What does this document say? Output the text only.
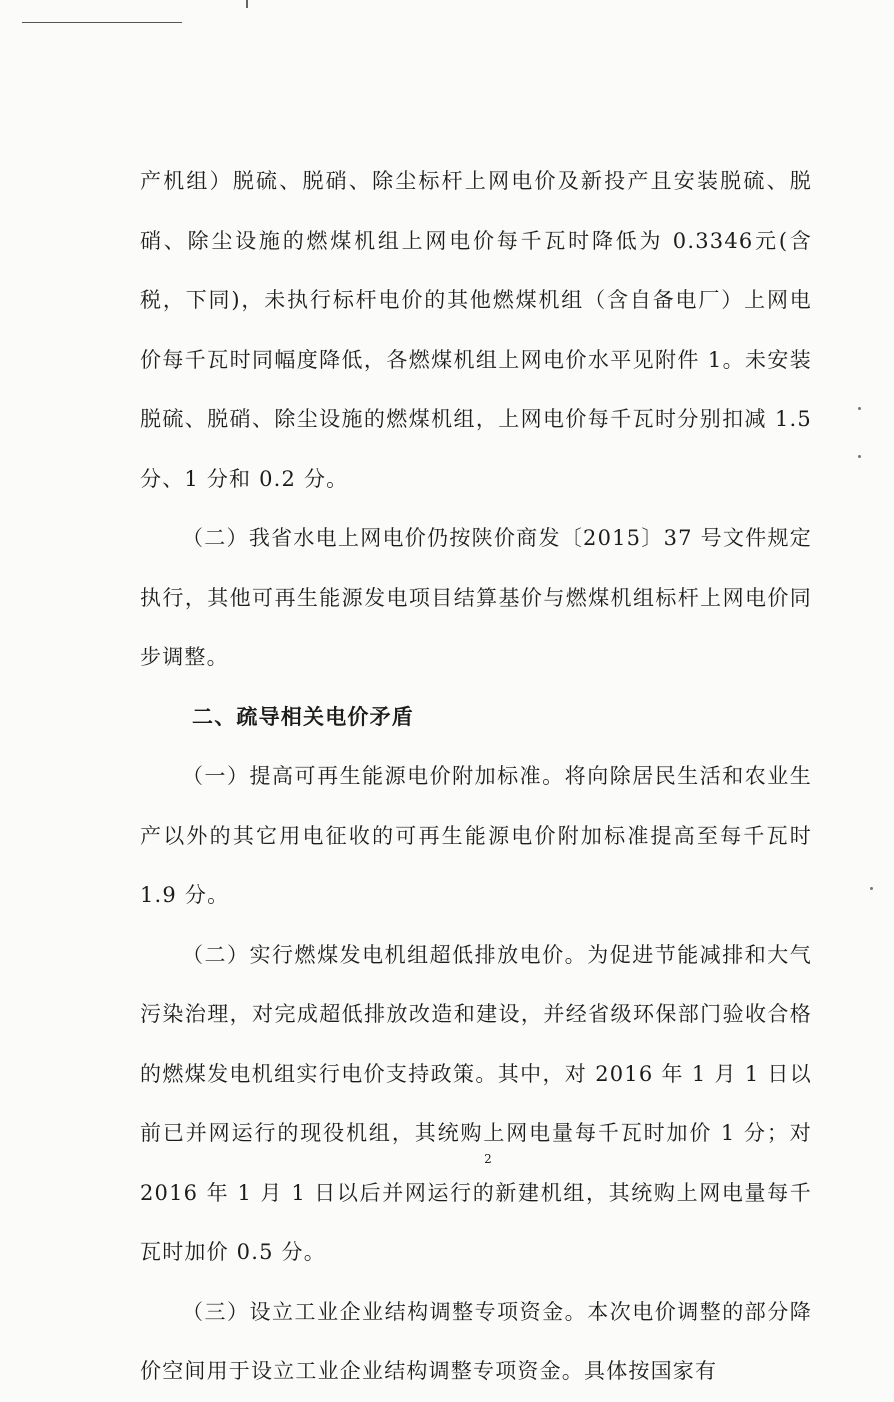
产机组）脱硫、脱硝、除尘标杆上网电价及新投产且安装脱硫、脱硝、除尘设施的燃煤机组上网电价每千瓦时降低为 0.3346元(含税，下同)，未执行标杆电价的其他燃煤机组（含自备电厂）上网电价每千瓦时同幅度降低，各燃煤机组上网电价水平见附件 1。未安装脱硫、脱硝、除尘设施的燃煤机组，上网电价每千瓦时分别扣减 1.5 分、1 分和 0.2 分。

（二）我省水电上网电价仍按陕价商发〔2015〕37 号文件规定执行，其他可再生能源发电项目结算基价与燃煤机组标杆上网电价同步调整。

二、疏导相关电价矛盾

（一）提高可再生能源电价附加标准。将向除居民生活和农业生产以外的其它用电征收的可再生能源电价附加标准提高至每千瓦时 1.9 分。

（二）实行燃煤发电机组超低排放电价。为促进节能减排和大气污染治理，对完成超低排放改造和建设，并经省级环保部门验收合格的燃煤发电机组实行电价支持政策。其中，对 2016 年 1 月 1 日以前已并网运行的现役机组，其统购上网电量每千瓦时加价 1 分；对 2016 年 1 月 1 日以后并网运行的新建机组，其统购上网电量每千瓦时加价 0.5 分。

（三）设立工业企业结构调整专项资金。本次电价调整的部分降价空间用于设立工业企业结构调整专项资金。具体按国家有

2
